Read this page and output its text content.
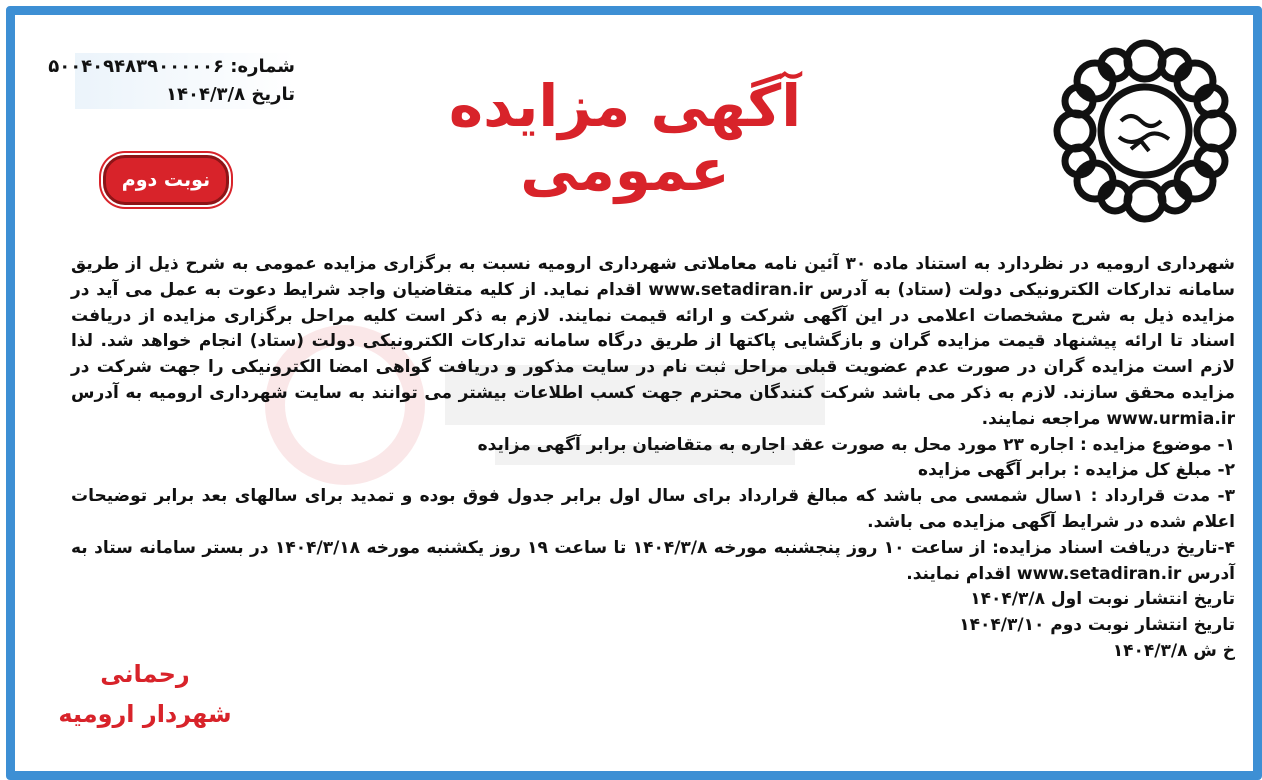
آگهی مزایده عمومی
شماره: ۵۰۰۴۰۹۴۸۳۹۰۰۰۰۰۶
تاریخ ۱۴۰۴/۳/۸
نوبت دوم

شهرداری ارومیه در نظردارد به استناد ماده ۳۰ آئین نامه معاملاتی شهرداری ارومیه نسبت به برگزاری مزایده عمومی به شرح ذیل از طریق سامانه تدارکات الکترونیکی دولت (ستاد) به آدرس www.setadiran.ir اقدام نماید. از کلیه متقاضیان واجد شرایط دعوت به عمل می آید در مزایده ذیل به شرح مشخصات اعلامی در این آگهی شرکت و ارائه قیمت نمایند. لازم به ذکر است کلیه مراحل برگزاری مزایده از دریافت اسناد تا ارائه پیشنهاد قیمت مزایده گران و بازگشایی پاکتها از طریق درگاه سامانه تدارکات الکترونیکی دولت (ستاد) انجام خواهد شد. لذا لازم است مزایده گران در صورت عدم عضویت قبلی مراحل ثبت نام در سایت مذکور و دریافت گواهی امضا الکترونیکی را جهت شرکت در مزایده محقق سازند. لازم به ذکر می باشد شرکت کنندگان محترم جهت کسب اطلاعات بیشتر می توانند به سایت شهرداری ارومیه به آدرس www.urmia.ir مراجعه نمایند.

۱- موضوع مزایده : اجاره ۲۳ مورد محل به صورت عقد اجاره به متقاضیان برابر آگهی مزایده

۲- مبلغ کل مزایده : برابر آگهی مزایده

۳- مدت قرارداد : ۱سال شمسی می باشد که مبالغ قرارداد برای سال اول برابر جدول فوق بوده و تمدید برای سالهای بعد برابر توضیحات اعلام شده در شرایط آگهی مزایده می باشد.

۴-تاریخ دریافت اسناد مزایده: از ساعت ۱۰ روز پنجشنبه مورخه ۱۴۰۴/۳/۸ تا ساعت ۱۹ روز یکشنبه مورخه ۱۴۰۴/۳/۱۸ در بستر سامانه ستاد به آدرس www.setadiran.ir اقدام نمایند.

تاریخ انتشار نوبت اول ۱۴۰۴/۳/۸

تاریخ انتشار نوبت دوم ۱۴۰۴/۳/۱۰

خ ش ۱۴۰۴/۳/۸

رحمانی
شهردار ارومیه
